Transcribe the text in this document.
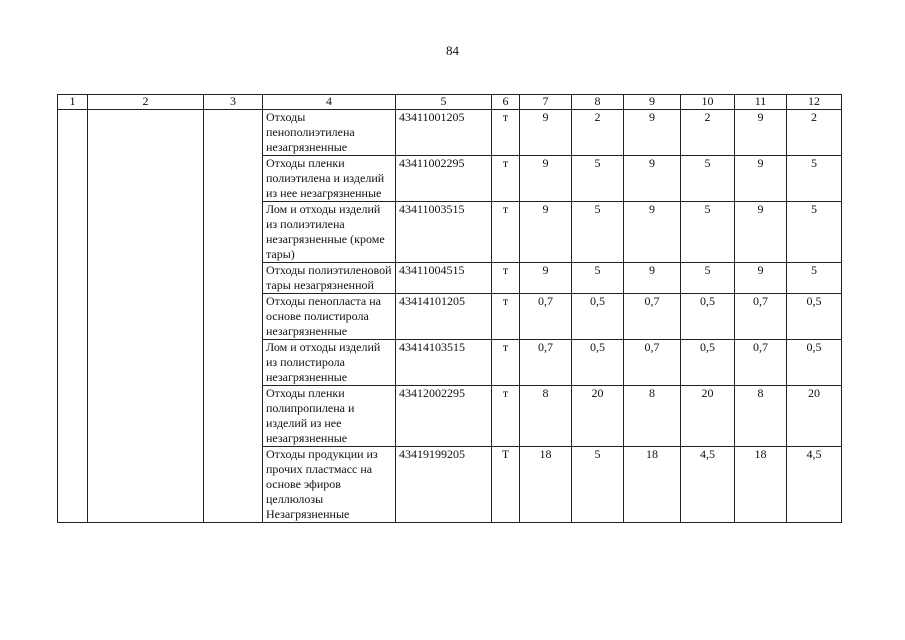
84
1	2	3	4	5	6	7	8	9	10	11	12
			Отходы пенополиэтилена незагрязненные	43411001205	т	9	2	9	2	9	2
			Отходы пленки полиэтилена и изделий из нее незагрязненные	43411002295	т	9	5	9	5	9	5
			Лом и отходы изделий из полиэтилена незагрязненные (кроме тары)	43411003515	т	9	5	9	5	9	5
			Отходы полиэтиленовой тары незагрязненной	43411004515	т	9	5	9	5	9	5
			Отходы пенопласта на основе полистирола незагрязненные	43414101205	т	0,7	0,5	0,7	0,5	0,7	0,5
			Лом и отходы изделий из полистирола незагрязненные	43414103515	т	0,7	0,5	0,7	0,5	0,7	0,5
			Отходы пленки полипропилена и изделий из нее незагрязненные	43412002295	т	8	20	8	20	8	20
			Отходы продукции из прочих пластмасс на основе эфиров целлюлозы Незагрязненные	43419199205	Т	18	5	18	4,5	18	4,5
